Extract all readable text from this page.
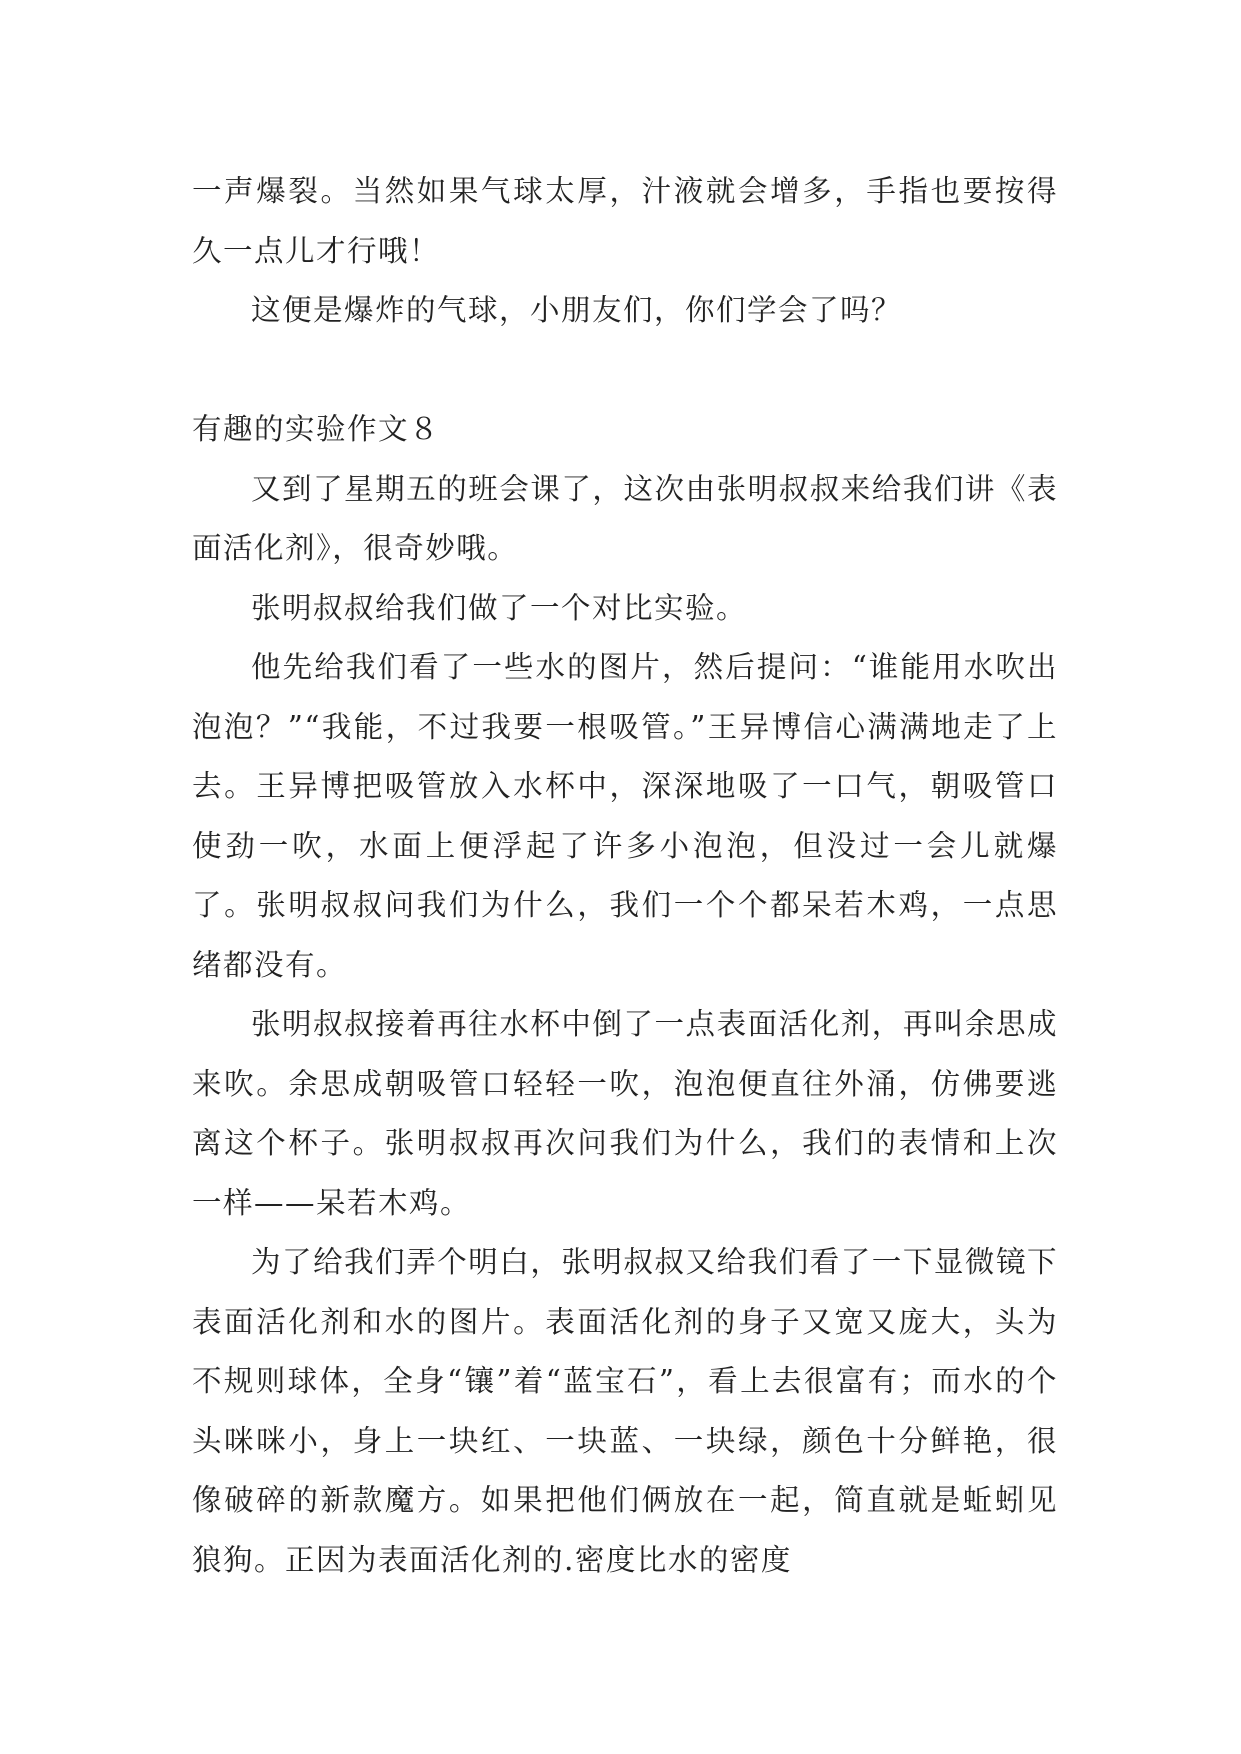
一声爆裂。当然如果气球太厚，汁液就会增多，手指也要按得久一点儿才行哦！

这便是爆炸的气球，小朋友们，你们学会了吗？

有趣的实验作文８

又到了星期五的班会课了，这次由张明叔叔来给我们讲《表面活化剂》，很奇妙哦。

张明叔叔给我们做了一个对比实验。

他先给我们看了一些水的图片，然后提问：“谁能用水吹出泡泡？”“我能，不过我要一根吸管。”王异博信心满满地走了上去。王异博把吸管放入水杯中，深深地吸了一口气，朝吸管口使劲一吹，水面上便浮起了许多小泡泡，但没过一会儿就爆了。张明叔叔问我们为什么，我们一个个都呆若木鸡，一点思绪都没有。

张明叔叔接着再往水杯中倒了一点表面活化剂，再叫余思成来吹。余思成朝吸管口轻轻一吹，泡泡便直往外涌，仿佛要逃离这个杯子。张明叔叔再次问我们为什么，我们的表情和上次一样——呆若木鸡。

为了给我们弄个明白，张明叔叔又给我们看了一下显微镜下表面活化剂和水的图片。表面活化剂的身子又宽又庞大，头为不规则球体，全身“镶”着“蓝宝石”，看上去很富有；而水的个头咪咪小，身上一块红、一块蓝、一块绿，颜色十分鲜艳，很像破碎的新款魔方。如果把他们俩放在一起，简直就是蚯蚓见狼狗。正因为表面活化剂的.密度比水的密度
